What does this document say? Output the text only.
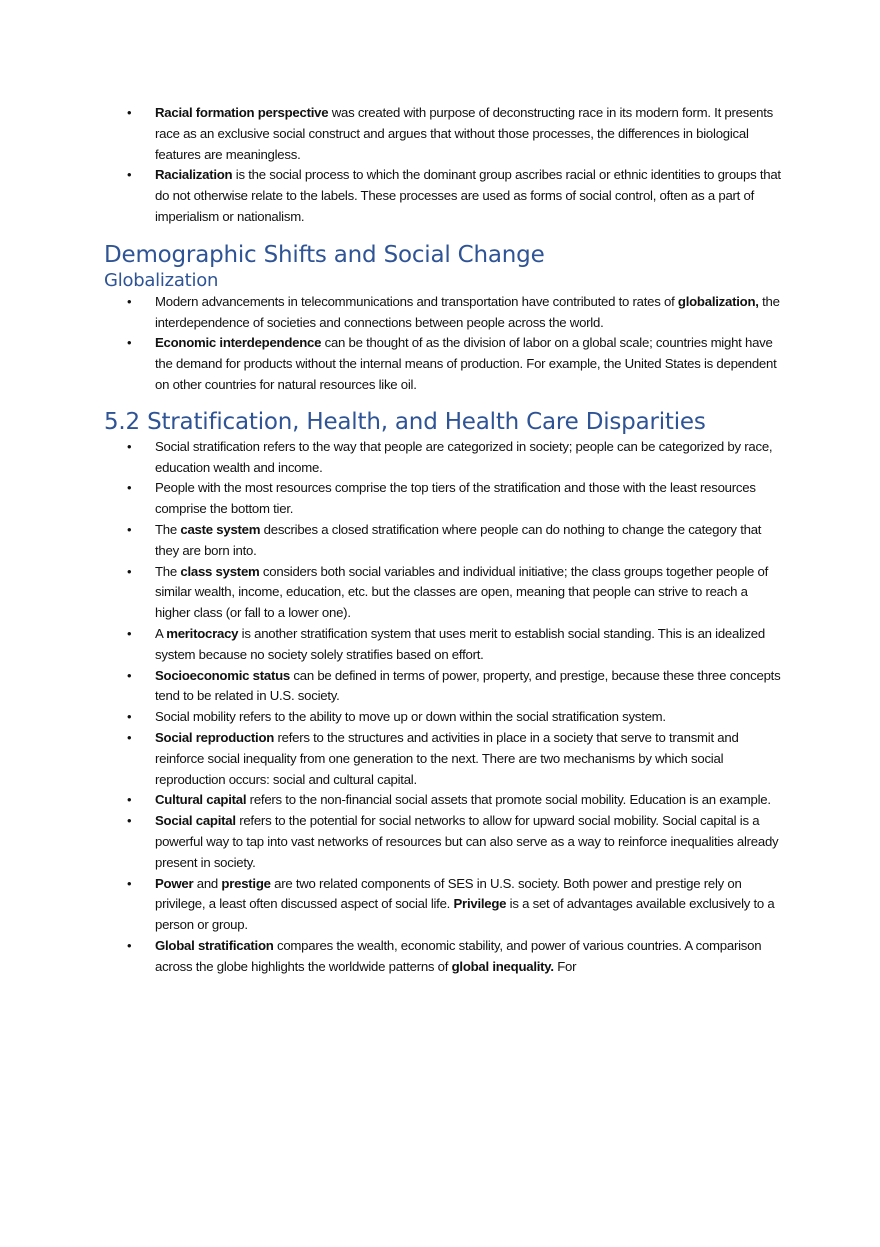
• Racial formation perspective was created with purpose of deconstructing race in its modern form. It presents race as an exclusive social construct and argues that without those processes, the differences in biological features are meaningless.
• Racialization is the social process to which the dominant group ascribes racial or ethnic identities to groups that do not otherwise relate to the labels. These processes are used as forms of social control, often as a part of imperialism or nationalism.
Demographic Shifts and Social Change
Globalization
• Modern advancements in telecommunications and transportation have contributed to rates of globalization, the interdependence of societies and connections between people across the world.
• Economic interdependence can be thought of as the division of labor on a global scale; countries might have the demand for products without the internal means of production. For example, the United States is dependent on other countries for natural resources like oil.
5.2 Stratification, Health, and Health Care Disparities
• Social stratification refers to the way that people are categorized in society; people can be categorized by race, education wealth and income.
• People with the most resources comprise the top tiers of the stratification and those with the least resources comprise the bottom tier.
• The caste system describes a closed stratification where people can do nothing to change the category that they are born into.
• The class system considers both social variables and individual initiative; the class groups together people of similar wealth, income, education, etc. but the classes are open, meaning that people can strive to reach a higher class (or fall to a lower one).
• A meritocracy is another stratification system that uses merit to establish social standing. This is an idealized system because no society solely stratifies based on effort.
• Socioeconomic status can be defined in terms of power, property, and prestige, because these three concepts tend to be related in U.S. society.
• Social mobility refers to the ability to move up or down within the social stratification system.
• Social reproduction refers to the structures and activities in place in a society that serve to transmit and reinforce social inequality from one generation to the next. There are two mechanisms by which social reproduction occurs: social and cultural capital.
• Cultural capital refers to the non-financial social assets that promote social mobility. Education is an example.
• Social capital refers to the potential for social networks to allow for upward social mobility. Social capital is a powerful way to tap into vast networks of resources but can also serve as a way to reinforce inequalities already present in society.
• Power and prestige are two related components of SES in U.S. society. Both power and prestige rely on privilege, a least often discussed aspect of social life. Privilege is a set of advantages available exclusively to a person or group.
• Global stratification compares the wealth, economic stability, and power of various countries. A comparison across the globe highlights the worldwide patterns of global inequality. For
